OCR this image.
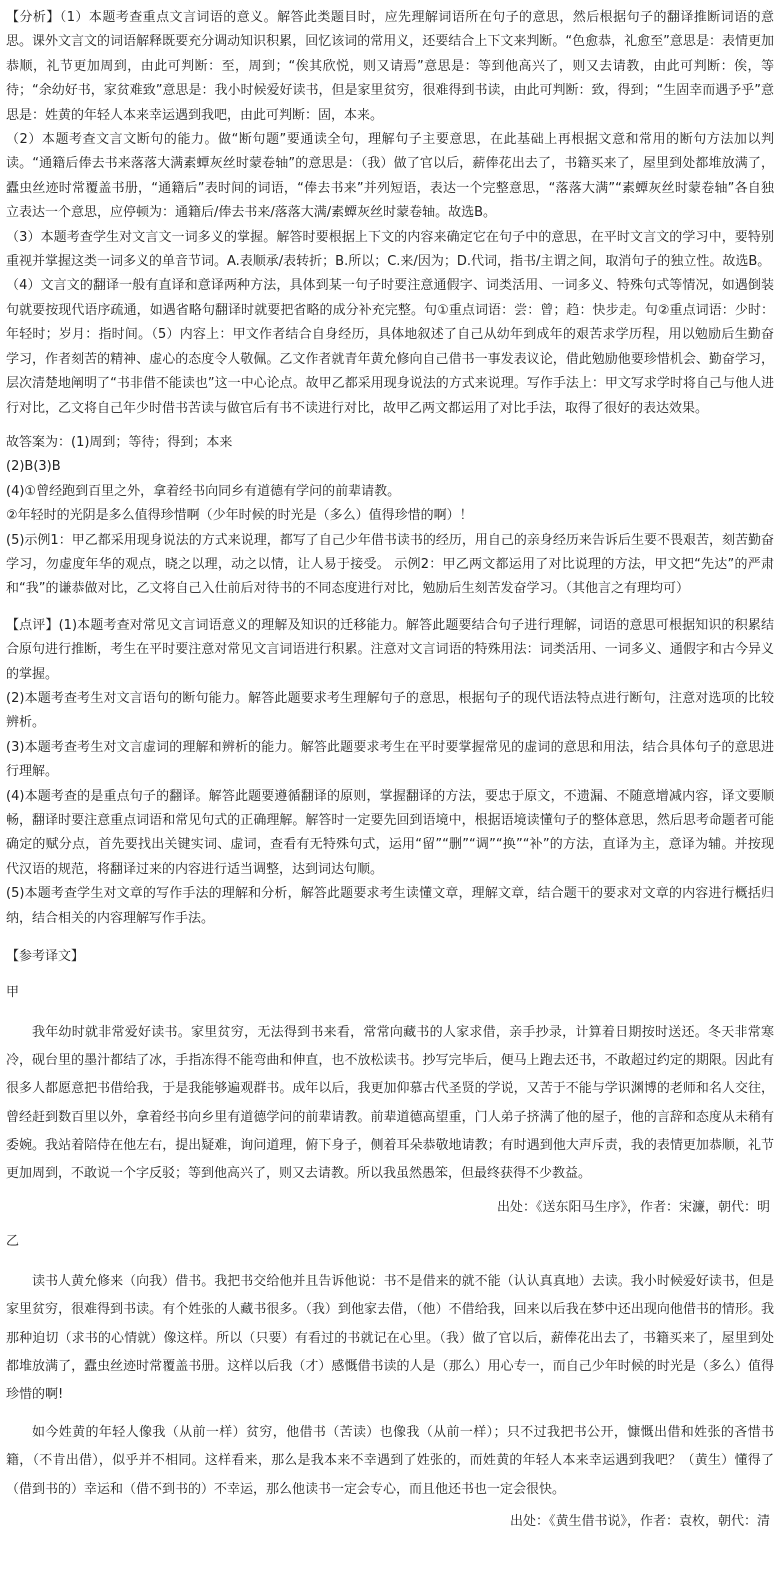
【分析】（1）本题考查重点文言词语的意义。解答此类题目时，应先理解词语所在句子的意思，然后根据句子的翻译推断词语的意思。课外文言文的词语解释既要充分调动知识积累，回忆该词的常用义，还要结合上下文来判断。“色愈恭，礼愈至”意思是：表情更加恭顺，礼节更加周到，由此可判断：至，周到；“俟其欣悦，则又请焉”意思是：等到他高兴了，则又去请教，由此可判断：俟，等待；“余幼好书，家贫难致”意思是：我小时候爱好读书，但是家里贫穷，很难得到书读，由此可判断：致，得到；“生固幸而遇予乎”意思是：姓黄的年轻人本来幸运遇到我吧，由此可判断：固，本来。

（2）本题考查文言文断句的能力。做“断句题”要通读全句，理解句子主要意思，在此基础上再根据文意和常用的断句方法加以判读。“通籍后俸去书来落落大满素蟫灰丝时蒙卷轴”的意思是：（我）做了官以后，薪俸花出去了，书籍买来了，屋里到处都堆放满了，蠹虫丝迹时常覆盖书册，“通籍后”表时间的词语，“俸去书来”并列短语，表达一个完整意思，“落落大满”“素蟫灰丝时蒙卷轴”各自独立表达一个意思，应停顿为：通籍后/俸去书来/落落大满/素蟫灰丝时蒙卷轴。故选B。

（3）本题考查学生对文言文一词多义的掌握。解答时要根据上下文的内容来确定它在句子中的意思，在平时文言文的学习中，要特别重视并掌握这类一词多义的单音节词。A.表顺承/表转折；B.所以；C.来/因为；D.代词，指书/主谓之间，取消句子的独立性。故选B。

（4）文言文的翻译一般有直译和意译两种方法，具体到某一句子时要注意通假字、词类活用、一词多义、特殊句式等情况，如遇倒装句就要按现代语序疏通，如遇省略句翻译时就要把省略的成分补充完整。句①重点词语：尝：曾；趋：快步走。句②重点词语：少时：年轻时；岁月：指时间。（5）内容上：甲文作者结合自身经历，具体地叙述了自己从幼年到成年的艰苦求学历程，用以勉励后生勤奋学习，作者刻苦的精神、虚心的态度令人敬佩。乙文作者就青年黄允修向自己借书一事发表议论，借此勉励他要珍惜机会、勤奋学习，层次清楚地阐明了“书非借不能读也”这一中心论点。故甲乙都采用现身说法的方式来说理。写作手法上：甲文写求学时将自己与他人进行对比，乙文将自己年少时借书苦读与做官后有书不读进行对比，故甲乙两文都运用了对比手法，取得了很好的表达效果。

故答案为：(1)周到；等待；得到；本来

(2)B(3)B

(4)①曾经跑到百里之外，拿着经书向同乡有道德有学问的前辈请教。

②年轻时的光阴是多么值得珍惜啊（少年时候的时光是（多么）值得珍惜的啊）！

(5)示例1：甲乙都采用现身说法的方式来说理，都写了自己少年借书读书的经历，用自己的亲身经历来告诉后生要不畏艰苦，刻苦勤奋学习，勿虚度年华的观点，晓之以理，动之以情，让人易于接受。 示例2：甲乙两文都运用了对比说理的方法，甲文把“先达”的严肃和“我”的谦恭做对比，乙文将自己入仕前后对待书的不同态度进行对比，勉励后生刻苦发奋学习。（其他言之有理均可）

【点评】(1)本题考查对常见文言词语意义的理解及知识的迁移能力。解答此题要结合句子进行理解，词语的意思可根据知识的积累结合原句进行推断，考生在平时要注意对常见文言词语进行积累。注意对文言词语的特殊用法：词类活用、一词多义、通假字和古今异义的掌握。

(2)本题考查考生对文言语句的断句能力。解答此题要求考生理解句子的意思，根据句子的现代语法特点进行断句，注意对选项的比较辨析。

(3)本题考查考生对文言虚词的理解和辨析的能力。解答此题要求考生在平时要掌握常见的虚词的意思和用法，结合具体句子的意思进行理解。

(4)本题考查的是重点句子的翻译。解答此题要遵循翻译的原则，掌握翻译的方法，要忠于原文，不遗漏、不随意增减内容，译文要顺畅，翻译时要注意重点词语和常见句式的正确理解。解答时一定要先回到语境中，根据语境读懂句子的整体意思，然后思考命题者可能确定的赋分点，首先要找出关键实词、虚词，查看有无特殊句式，运用“留”“删”“调”“换”“补”的方法，直译为主，意译为辅。并按现代汉语的规范，将翻译过来的内容进行适当调整，达到词达句顺。

(5)本题考查学生对文章的写作手法的理解和分析，解答此题要求考生读懂文章，理解文章，结合题干的要求对文章的内容进行概括归纳，结合相关的内容理解写作手法。

【参考译文】

甲

我年幼时就非常爱好读书。家里贫穷，无法得到书来看，常常向藏书的人家求借，亲手抄录，计算着日期按时送还。冬天非常寒冷，砚台里的墨汁都结了冰，手指冻得不能弯曲和伸直，也不放松读书。抄写完毕后，便马上跑去还书，不敢超过约定的期限。因此有很多人都愿意把书借给我，于是我能够遍观群书。成年以后，我更加仰慕古代圣贤的学说，又苦于不能与学识渊博的老师和名人交往，曾经赶到数百里以外，拿着经书向乡里有道德学问的前辈请教。前辈道德高望重，门人弟子挤满了他的屋子，他的言辞和态度从未稍有委婉。我站着陪侍在他左右，提出疑难，询问道理，俯下身子，侧着耳朵恭敬地请教；有时遇到他大声斥责，我的表情更加恭顺，礼节更加周到，不敢说一个字反驳；等到他高兴了，则又去请教。所以我虽然愚笨，但最终获得不少教益。

出处：《送东阳马生序》，作者：宋濂，朝代：明

乙

读书人黄允修来（向我）借书。我把书交给他并且告诉他说：书不是借来的就不能（认认真真地）去读。我小时候爱好读书，但是家里贫穷，很难得到书读。有个姓张的人藏书很多。（我）到他家去借，（他）不借给我，回来以后我在梦中还出现向他借书的情形。我那种迫切（求书的心情就）像这样。所以（只要）有看过的书就记在心里。（我）做了官以后，薪俸花出去了，书籍买来了，屋里到处都堆放满了，蠹虫丝迹时常覆盖书册。这样以后我（才）感慨借书读的人是（那么）用心专一，而自己少年时候的时光是（多么）值得珍惜的啊!

如今姓黄的年轻人像我（从前一样）贫穷，他借书（苦读）也像我（从前一样）；只不过我把书公开，慷慨出借和姓张的吝惜书籍，（不肯出借），似乎并不相同。这样看来，那么是我本来不幸遇到了姓张的，而姓黄的年轻人本来幸运遇到我吧？（黄生）懂得了（借到书的）幸运和（借不到书的）不幸运，那么他读书一定会专心，而且他还书也一定会很快。

出处：《黄生借书说》，作者：袁枚，朝代：清
